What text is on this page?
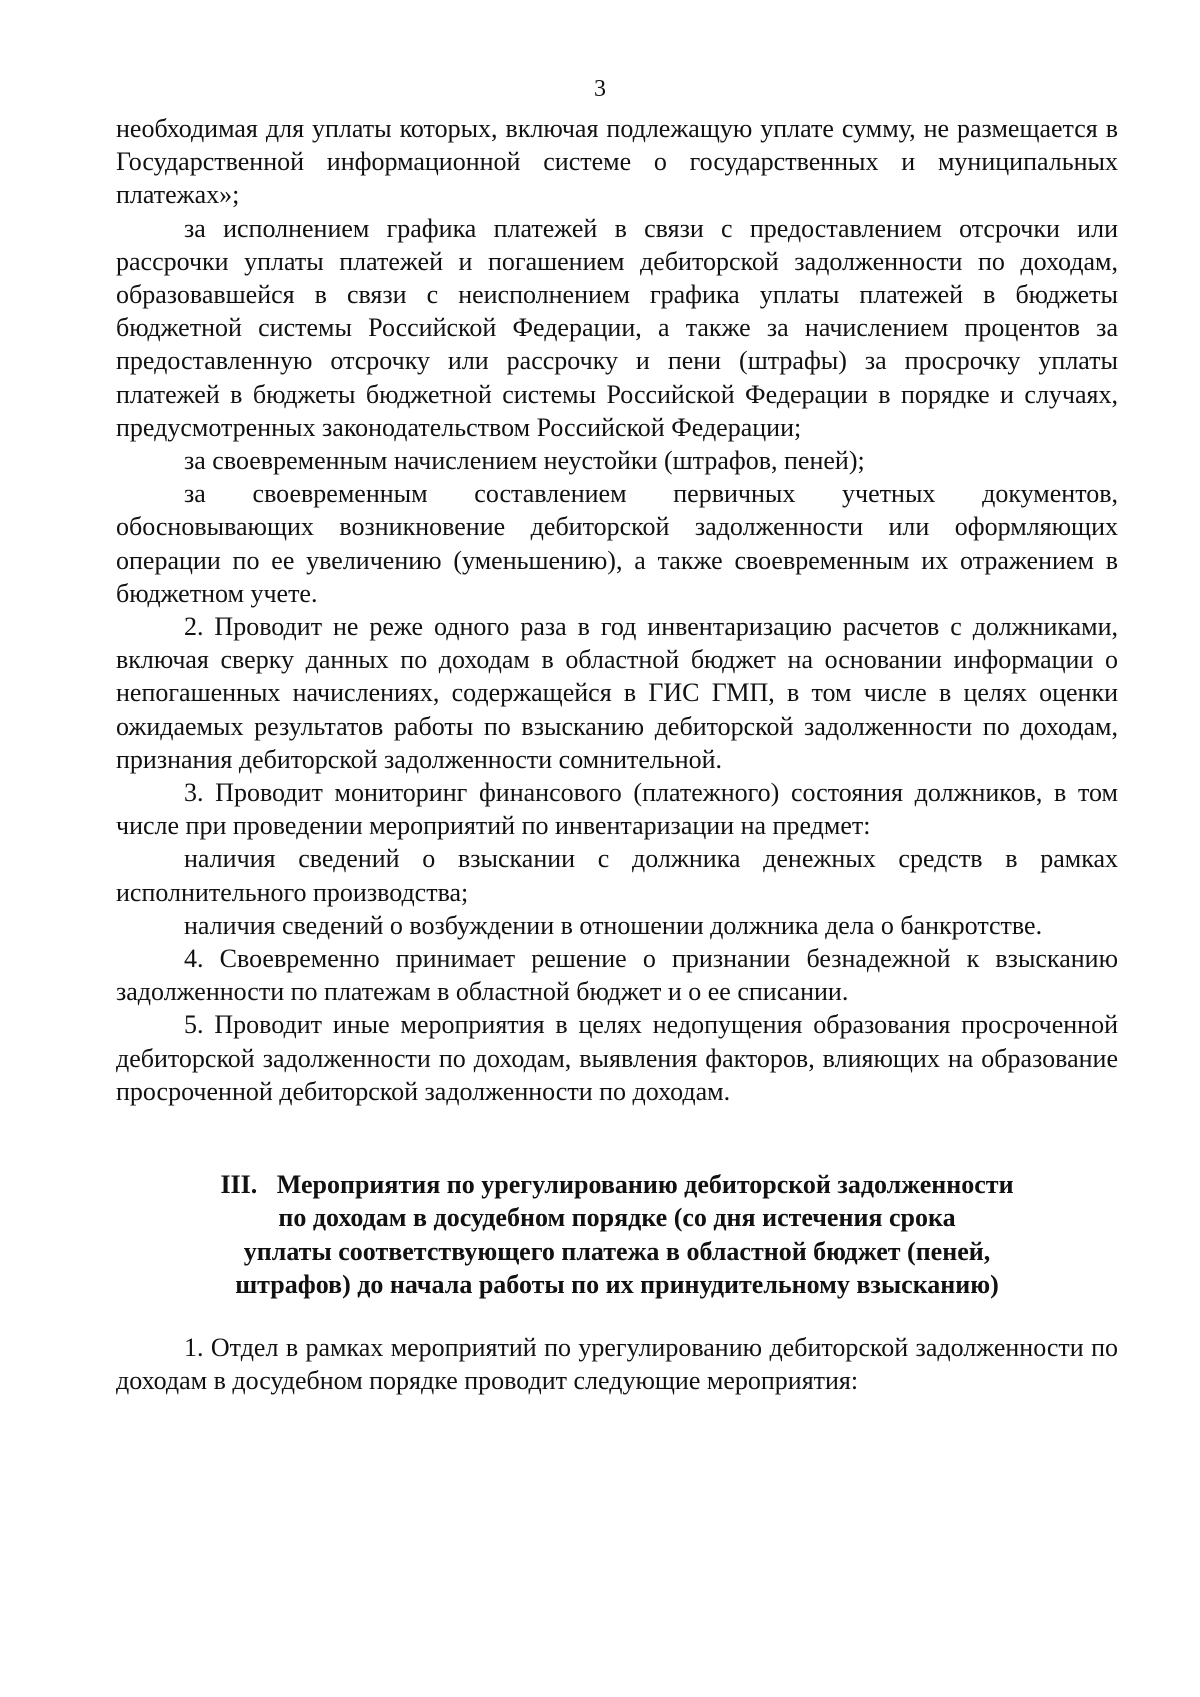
3

необходимая для уплаты которых, включая подлежащую уплате сумму, не размещается в Государственной информационной системе о государственных и муниципальных платежах»;

за исполнением графика платежей в связи с предоставлением отсрочки или рассрочки уплаты платежей и погашением дебиторской задолженности по доходам, образовавшейся в связи с неисполнением графика уплаты платежей в бюджеты бюджетной системы Российской Федерации, а также за начислением процентов за предоставленную отсрочку или рассрочку и пени (штрафы) за просрочку уплаты платежей в бюджеты бюджетной системы Российской Федерации в порядке и случаях, предусмотренных законодательством Российской Федерации;

за своевременным начислением неустойки (штрафов, пеней);

за своевременным составлением первичных учетных документов, обосновывающих возникновение дебиторской задолженности или оформляющих операции по ее увеличению (уменьшению), а также своевременным их отражением в бюджетном учете.

2. Проводит не реже одного раза в год инвентаризацию расчетов с должниками, включая сверку данных по доходам в областной бюджет на основании информации о непогашенных начислениях, содержащейся в ГИС ГМП, в том числе в целях оценки ожидаемых результатов работы по взысканию дебиторской задолженности по доходам, признания дебиторской задолженности сомнительной.

3. Проводит мониторинг финансового (платежного) состояния должников, в том числе при проведении мероприятий по инвентаризации на предмет:

наличия сведений о взыскании с должника денежных средств в рамках исполнительного производства;

наличия сведений о возбуждении в отношении должника дела о банкротстве.

4. Своевременно принимает решение о признании безнадежной к взысканию задолженности по платежам в областной бюджет и о ее списании.

5. Проводит иные мероприятия в целях недопущения образования просроченной дебиторской задолженности по доходам, выявления факторов, влияющих на образование просроченной дебиторской задолженности по доходам.

III.   Мероприятия по урегулированию дебиторской задолженности
по доходам в досудебном порядке (со дня истечения срока
уплаты соответствующего платежа в областной бюджет (пеней,
штрафов) до начала работы по их принудительному взысканию)

1. Отдел в рамках мероприятий по урегулированию дебиторской задолженности по доходам в досудебном порядке проводит следующие мероприятия:
